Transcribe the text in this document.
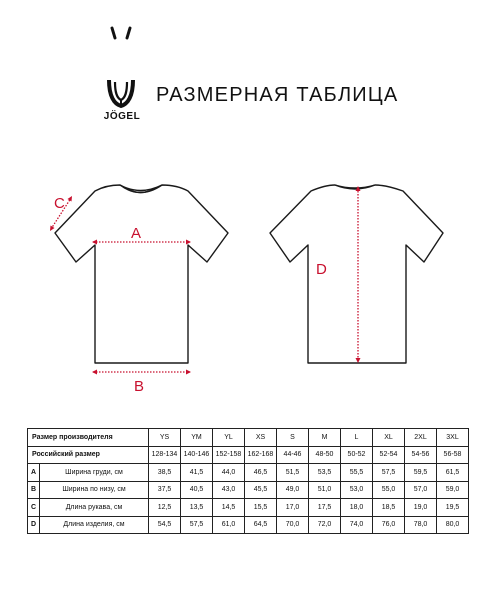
JÖGEL
РАЗМЕРНАЯ ТАБЛИЦА
A
B
C
D
Размер производителя		YS	YM	YL	XS	S	M	L	XL	2XL	3XL
Российский размер		128-134	140-146	152-158	162-168	44-46	48-50	50-52	52-54	54-56	56-58
A	Ширина груди, см	38,5	41,5	44,0	46,5	51,5	53,5	55,5	57,5	59,5	61,5
B	Ширина по низу, см	37,5	40,5	43,0	45,5	49,0	51,0	53,0	55,0	57,0	59,0
C	Длина рукава, см	12,5	13,5	14,5	15,5	17,0	17,5	18,0	18,5	19,0	19,5
D	Длина изделия, см	54,5	57,5	61,0	64,5	70,0	72,0	74,0	76,0	78,0	80,0
